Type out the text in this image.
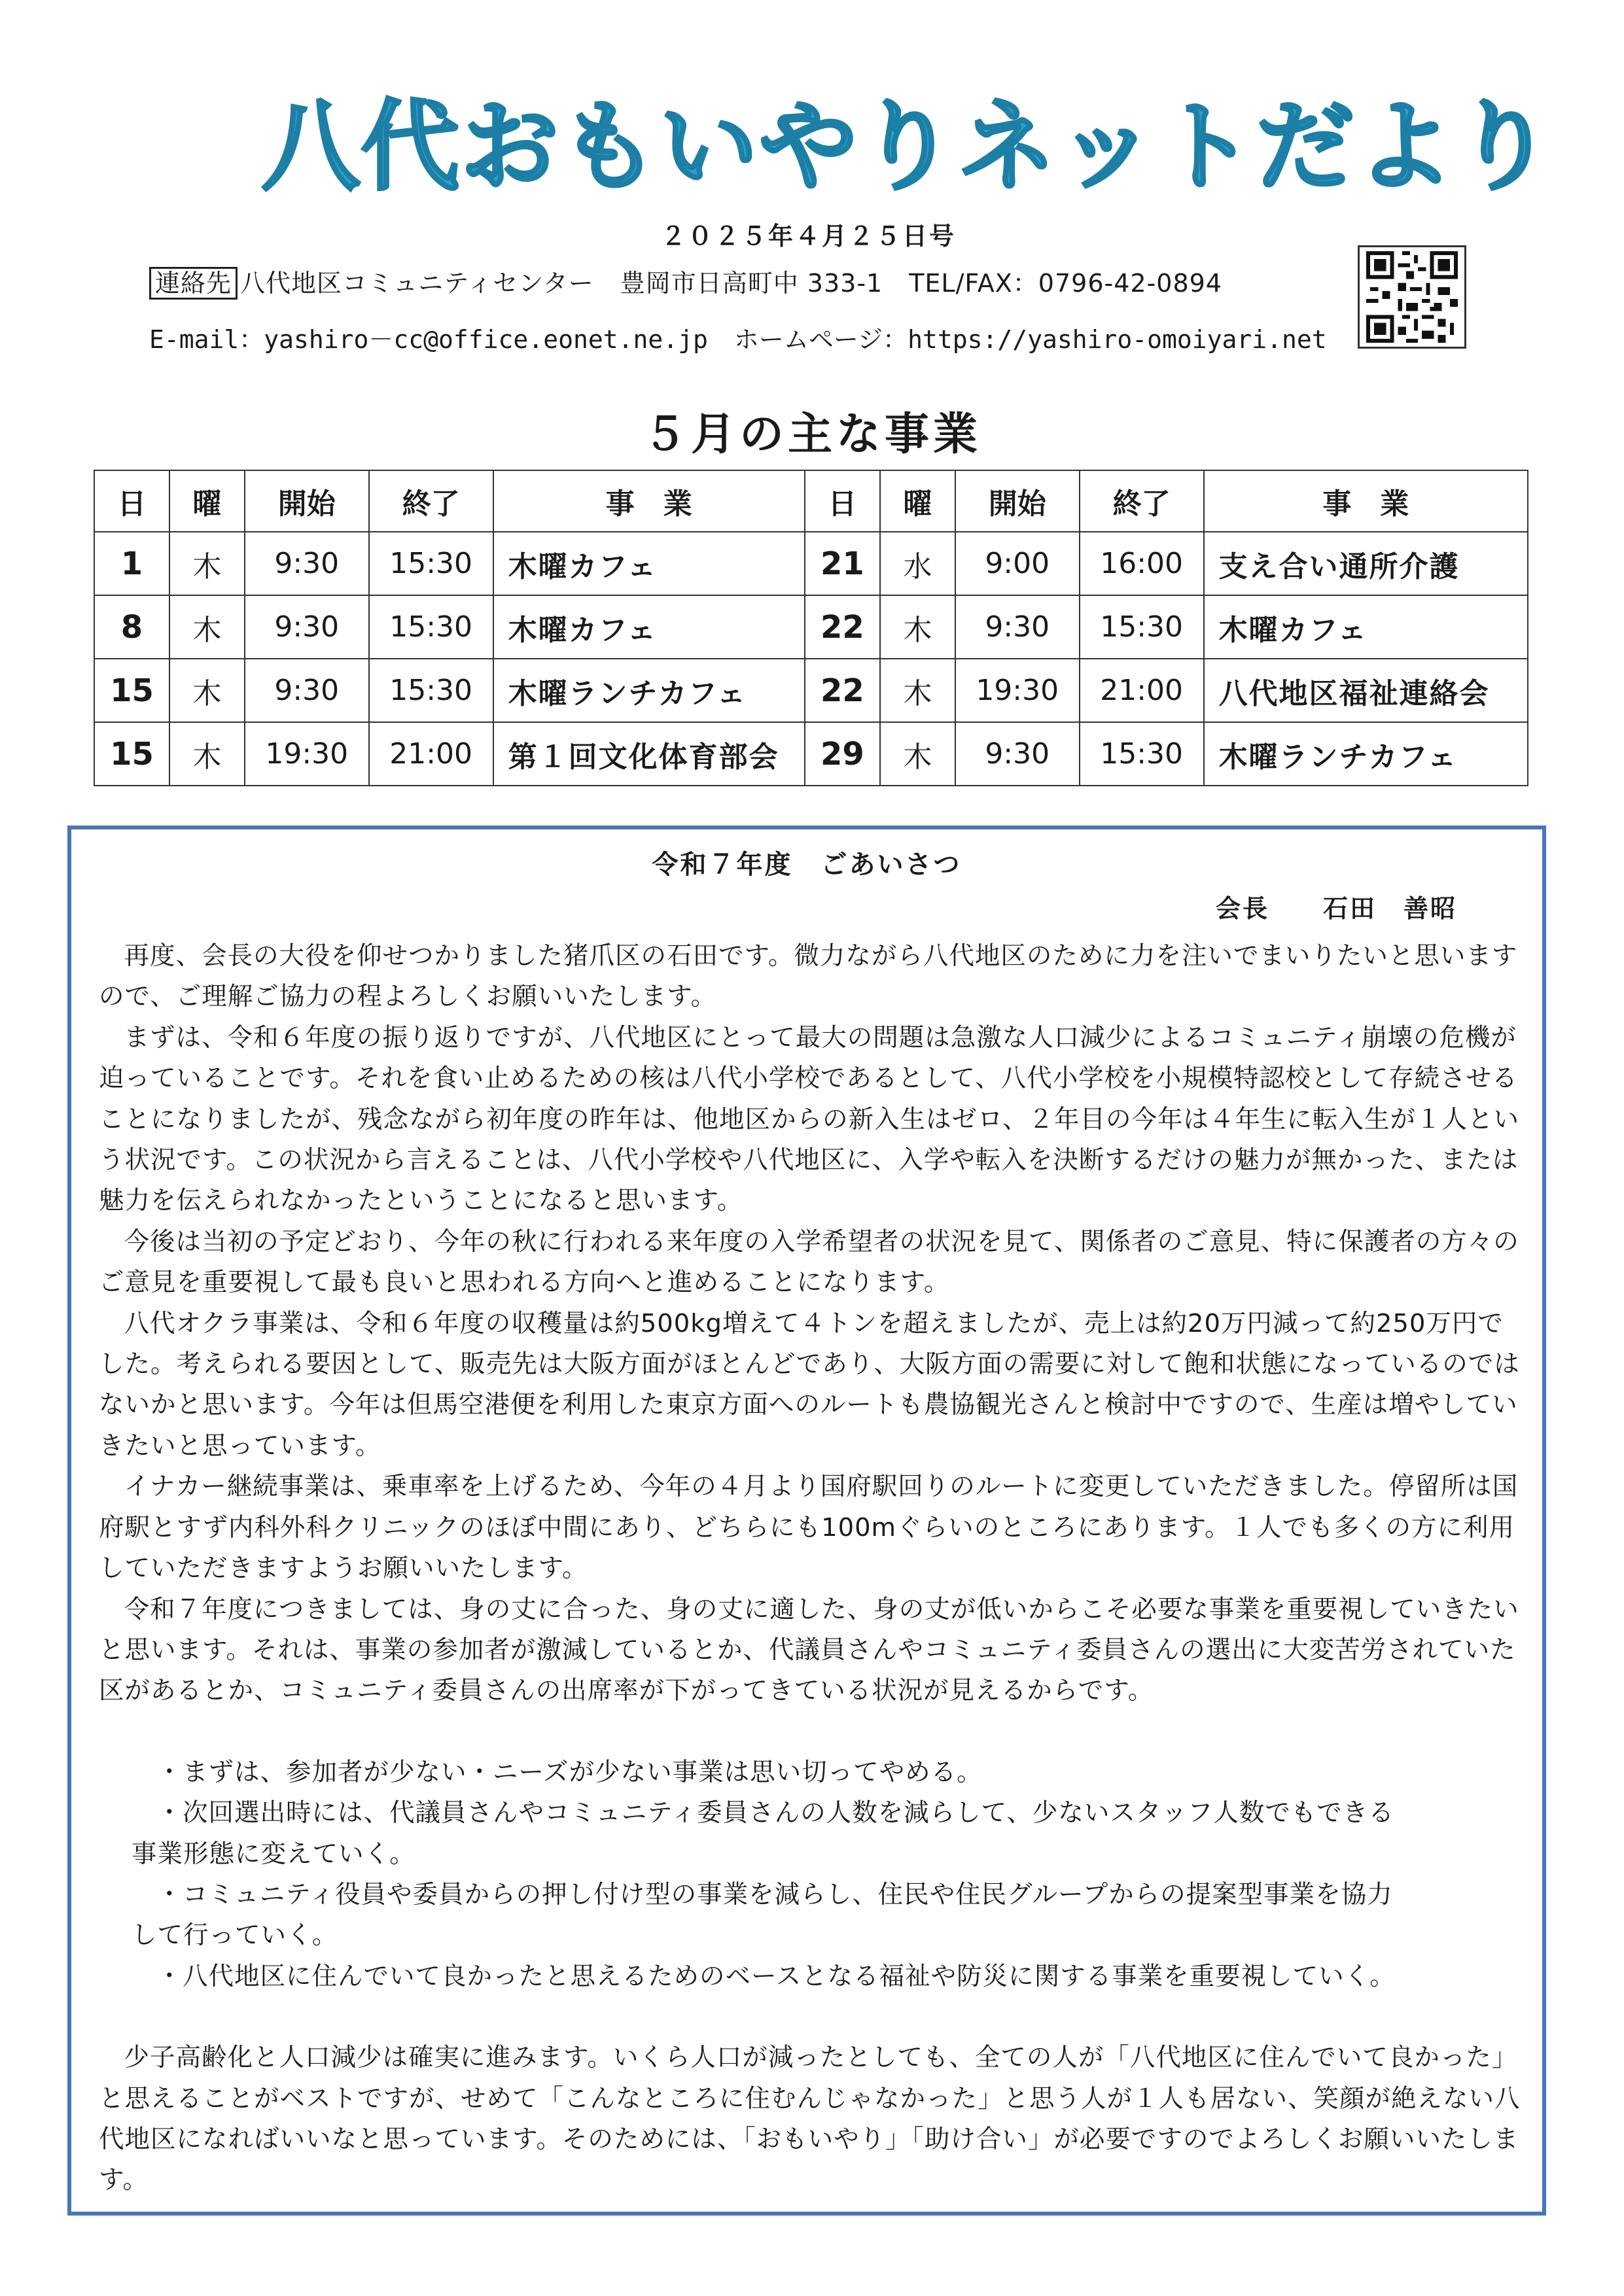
八代おもいやりネットだより
２０２５年４月２５日号
連絡先 八代地区コミュニティセンター 豊岡市日高町中 333-1 TEL/FAX：0796-42-0894
E-mail：yashiro－cc@office.eonet.ne.jp ホームページ：https://yashiro-omoiyari.net
５月の主な事業
日	曜	開始	終了	事　業	日	曜	開始	終了	事　業
1	木	9:30	15:30	木曜カフェ	21	水	9:00	16:00	支え合い通所介護
8	木	9:30	15:30	木曜カフェ	22	木	9:30	15:30	木曜カフェ
15	木	9:30	15:30	木曜ランチカフェ	22	木	19:30	21:00	八代地区福祉連絡会
15	木	19:30	21:00	第１回文化体育部会	29	木	9:30	15:30	木曜ランチカフェ
令和７年度　ごあいさつ
会長　　石田　善昭

再度、会長の大役を仰せつかりました猪爪区の石田です。微力ながら八代地区のために力を注いでまいりたいと思いますので、ご理解ご協力の程よろしくお願いいたします。

まずは、令和６年度の振り返りですが、八代地区にとって最大の問題は急激な人口減少によるコミュニティ崩壊の危機が迫っていることです。それを食い止めるための核は八代小学校であるとして、八代小学校を小規模特認校として存続させることになりましたが、残念ながら初年度の昨年は、他地区からの新入生はゼロ、２年目の今年は４年生に転入生が１人という状況です。この状況から言えることは、八代小学校や八代地区に、入学や転入を決断するだけの魅力が無かった、または魅力を伝えられなかったということになると思います。

今後は当初の予定どおり、今年の秋に行われる来年度の入学希望者の状況を見て、関係者のご意見、特に保護者の方々のご意見を重要視して最も良いと思われる方向へと進めることになります。

八代オクラ事業は、令和６年度の収穫量は約500kg増えて４トンを超えましたが、売上は約20万円減って約250万円でした。考えられる要因として、販売先は大阪方面がほとんどであり、大阪方面の需要に対して飽和状態になっているのではないかと思います。今年は但馬空港便を利用した東京方面へのルートも農協観光さんと検討中ですので、生産は増やしていきたいと思っています。

イナカー継続事業は、乗車率を上げるため、今年の４月より国府駅回りのルートに変更していただきました。停留所は国府駅とすず内科外科クリニックのほぼ中間にあり、どちらにも100mぐらいのところにあります。１人でも多くの方に利用していただきますようお願いいたします。

令和７年度につきましては、身の丈に合った、身の丈に適した、身の丈が低いからこそ必要な事業を重要視していきたいと思います。それは、事業の参加者が激減しているとか、代議員さんやコミュニティ委員さんの選出に大変苦労されていた区があるとか、コミュニティ委員さんの出席率が下がってきている状況が見えるからです。

・まずは、参加者が少ない・ニーズが少ない事業は思い切ってやめる。

・次回選出時には、代議員さんやコミュニティ委員さんの人数を減らして、少ないスタッフ人数でもできる
事業形態に変えていく。

・コミュニティ役員や委員からの押し付け型の事業を減らし、住民や住民グループからの提案型事業を協力
して行っていく。

・八代地区に住んでいて良かったと思えるためのベースとなる福祉や防災に関する事業を重要視していく。

少子高齢化と人口減少は確実に進みます。いくら人口が減ったとしても、全ての人が「八代地区に住んでいて良かった」と思えることがベストですが、せめて「こんなところに住むんじゃなかった」と思う人が１人も居ない、笑顔が絶えない八代地区になればいいなと思っています。そのためには、「おもいやり」「助け合い」が必要ですのでよろしくお願いいたします。
